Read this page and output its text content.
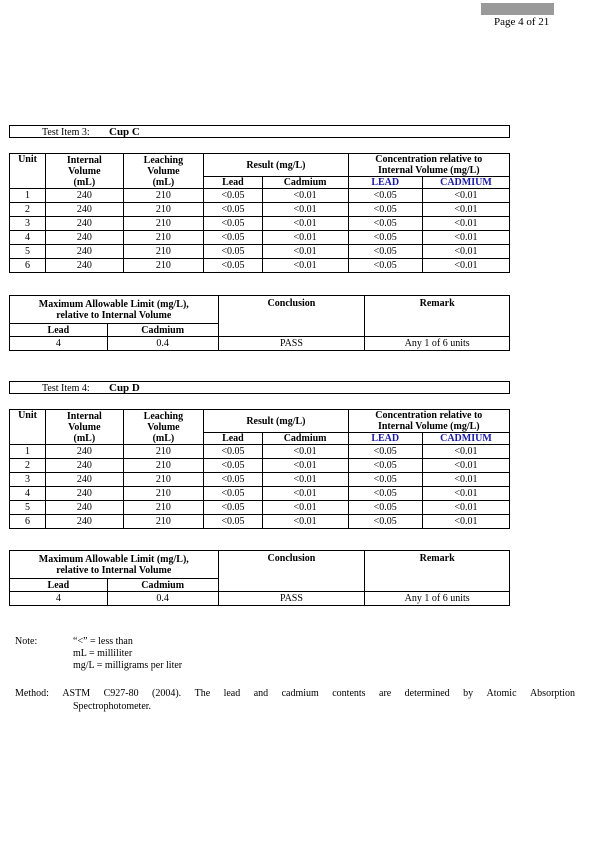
Page 4 of 21
Test Item 3: Cup C
Unit	Internal
Volume
(mL)	Leaching
Volume
(mL)	Result (mg/L)		Concentration relative to
Internal Volume (mg/L)	
			Lead	Cadmium	LEAD	CADMIUM
1	240	210	<0.05	<0.01	<0.05	<0.01
2	240	210	<0.05	<0.01	<0.05	<0.01
3	240	210	<0.05	<0.01	<0.05	<0.01
4	240	210	<0.05	<0.01	<0.05	<0.01
5	240	210	<0.05	<0.01	<0.05	<0.01
6	240	210	<0.05	<0.01	<0.05	<0.01
Maximum Allowable Limit (mg/L),
relative to Internal Volume		Conclusion	Remark
Lead	Cadmium		
4	0.4	PASS	Any 1 of 6 units
Test Item 4: Cup D
Unit	Internal
Volume
(mL)	Leaching
Volume
(mL)	Result (mg/L)		Concentration relative to
Internal Volume (mg/L)	
			Lead	Cadmium	LEAD	CADMIUM
1	240	210	<0.05	<0.01	<0.05	<0.01
2	240	210	<0.05	<0.01	<0.05	<0.01
3	240	210	<0.05	<0.01	<0.05	<0.01
4	240	210	<0.05	<0.01	<0.05	<0.01
5	240	210	<0.05	<0.01	<0.05	<0.01
6	240	210	<0.05	<0.01	<0.05	<0.01
Maximum Allowable Limit (mg/L),
relative to Internal Volume		Conclusion	Remark
Lead	Cadmium		
4	0.4	PASS	Any 1 of 6 units
Note:	“<” = less than
mL = milliliter
mg/L = milligrams per liter
Method: ASTM C927-80 (2004). The lead and cadmium contents are determined by Atomic Absorption
Spectrophotometer.
